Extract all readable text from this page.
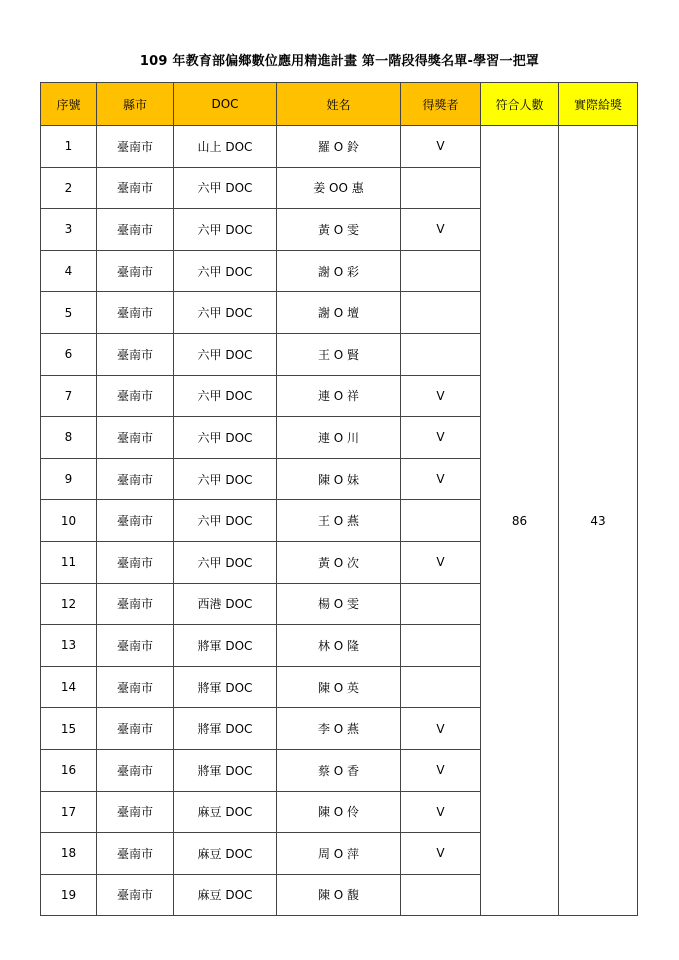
109 年教育部偏鄉數位應用精進計畫 第一階段得獎名單-學習一把罩
序號	縣市	DOC	姓名	得獎者	符合人數	實際給獎
1	臺南市	山上 DOC	羅 O 鈴	V	86	43
2	臺南市	六甲 DOC	姜 OO 惠			
3	臺南市	六甲 DOC	黃 O 雯	V		
4	臺南市	六甲 DOC	謝 O 彩			
5	臺南市	六甲 DOC	謝 O 壇			
6	臺南市	六甲 DOC	王 O 賢			
7	臺南市	六甲 DOC	連 O 祥	V		
8	臺南市	六甲 DOC	連 O 川	V		
9	臺南市	六甲 DOC	陳 O 妹	V		
10	臺南市	六甲 DOC	王 O 燕			
11	臺南市	六甲 DOC	黃 O 次	V		
12	臺南市	西港 DOC	楊 O 雯			
13	臺南市	將軍 DOC	林 O 隆			
14	臺南市	將軍 DOC	陳 O 英			
15	臺南市	將軍 DOC	李 O 燕	V		
16	臺南市	將軍 DOC	蔡 O 香	V		
17	臺南市	麻豆 DOC	陳 O 伶	V		
18	臺南市	麻豆 DOC	周 O 萍	V		
19	臺南市	麻豆 DOC	陳 O 馥			
